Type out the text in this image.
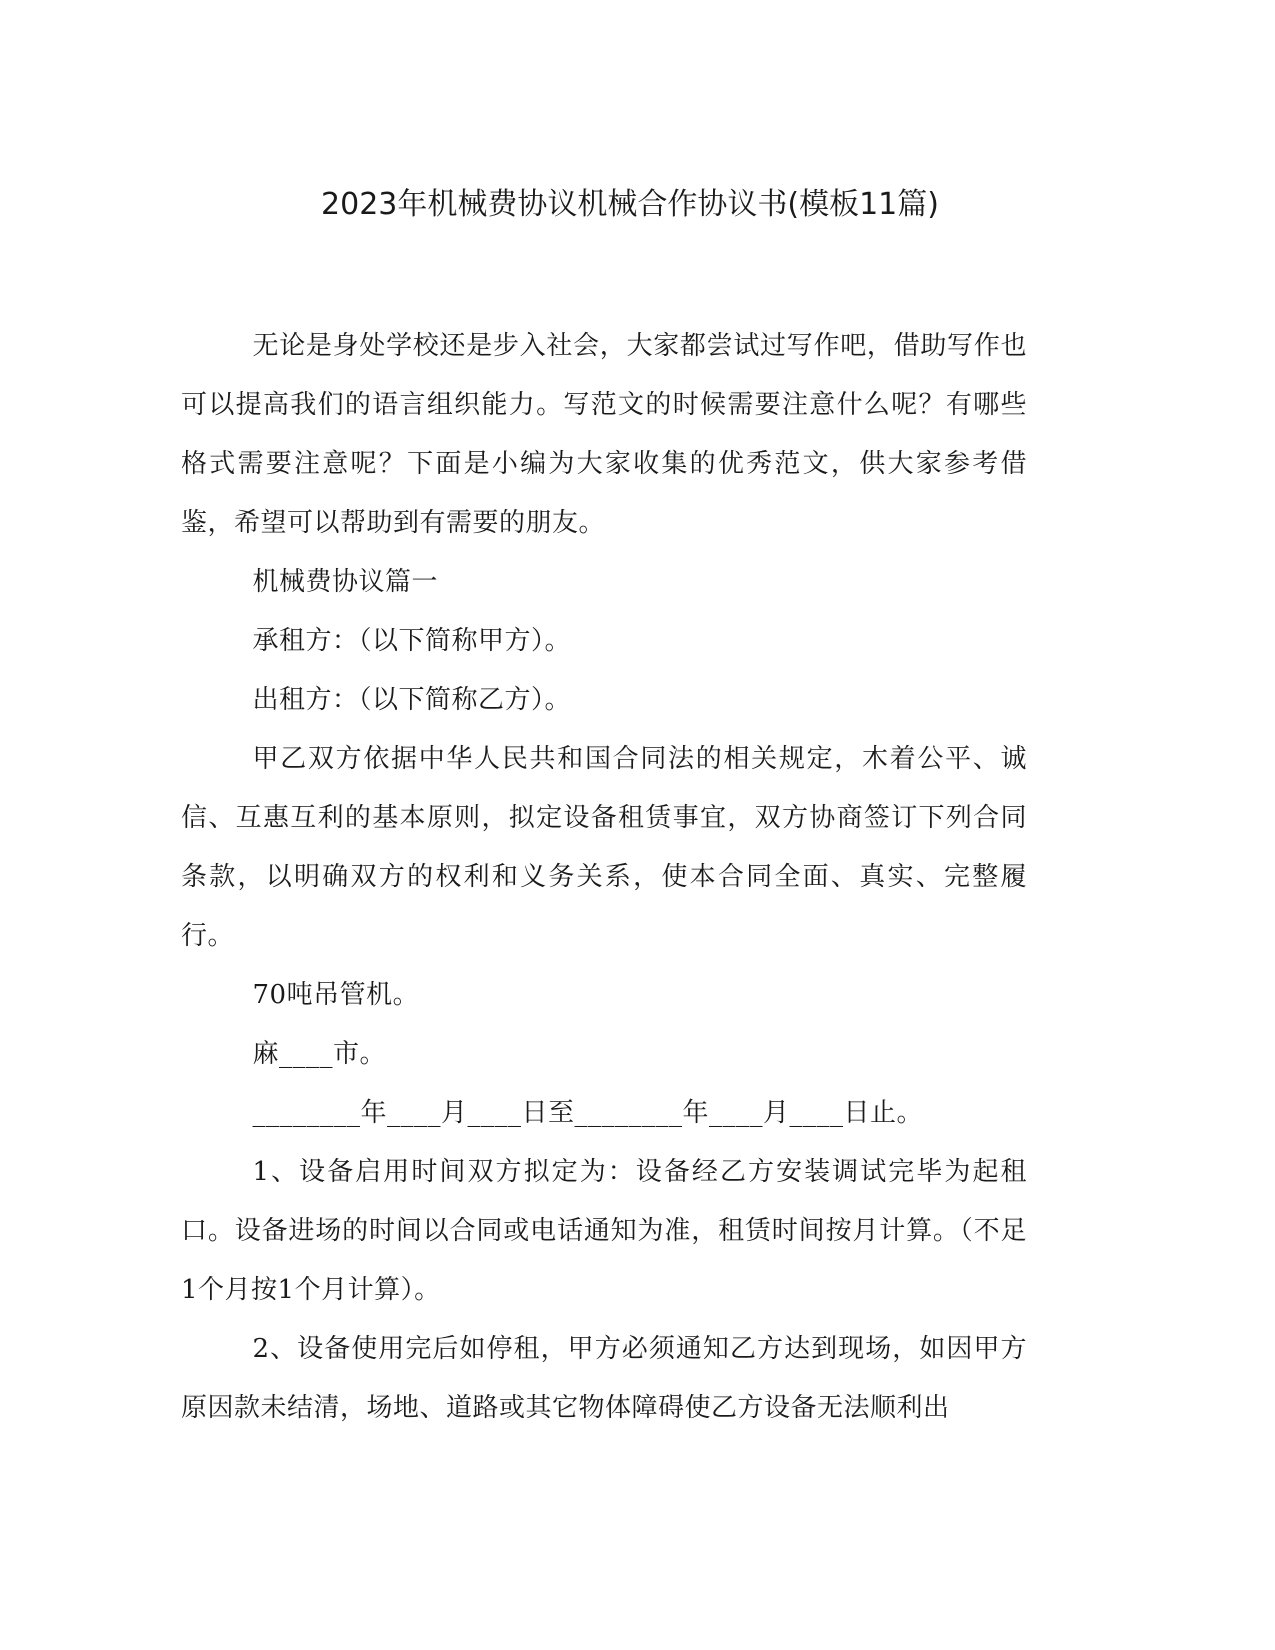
2023年机械费协议机械合作协议书(模板11篇)

无论是身处学校还是步入社会，大家都尝试过写作吧，借助写作也可以提高我们的语言组织能力。写范文的时候需要注意什么呢？有哪些格式需要注意呢？下面是小编为大家收集的优秀范文，供大家参考借鉴，希望可以帮助到有需要的朋友。

机械费协议篇一

承租方：（以下简称甲方）。

出租方：（以下简称乙方）。

甲乙双方依据中华人民共和国合同法的相关规定，木着公平、诚信、互惠互利的基本原则，拟定设备租赁事宜，双方协商签订下列合同条款，以明确双方的权利和义务关系，使本合同全面、真实、完整履行。

70吨吊管机。

麻____市。

________年____月____日至________年____月____日止。

1、设备启用时间双方拟定为：设备经乙方安装调试完毕为起租口。设备进场的时间以合同或电话通知为准，租赁时间按月计算。（不足1个月按1个月计算）。

2、设备使用完后如停租，甲方必须通知乙方达到现场，如因甲方原因款未结清，场地、道路或其它物体障碍使乙方设备无法顺利出
